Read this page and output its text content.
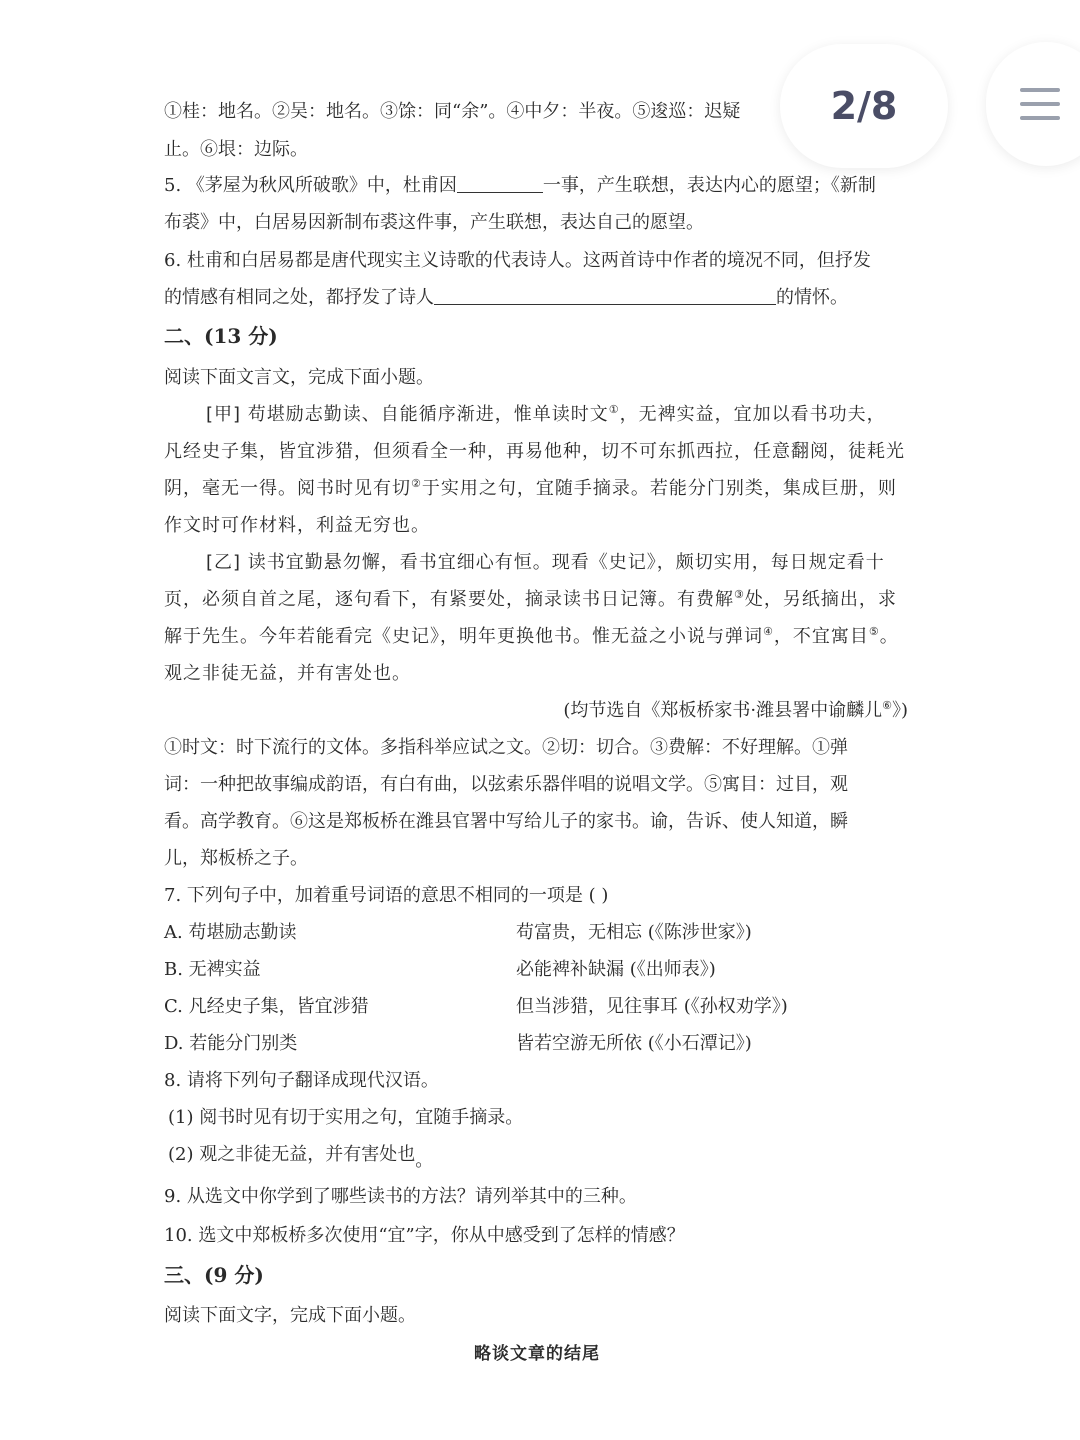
2/8
①桂：地名。②吴：地名。③馀：同“余”。④中夕：半夜。⑤逡巡：迟疑
止。⑥垠：边际。
5. 《茅屋为秋风所破歌》中，杜甫因	一事，产生联想，表达内心的愿望；《新制
布裘》中，白居易因新制布裘这件事，产生联想，表达自己的愿望。
6. 杜甫和白居易都是唐代现实主义诗歌的代表诗人。这两首诗中作者的境况不同，但抒发
的情感有相同之处，都抒发了诗人	的情怀。
二、(13 分)
阅读下面文言文，完成下面小题。
[甲] 苟堪励志勤读、自能循序渐进，惟单读时文①，无裨实益，宜加以看书功夫，
凡经史子集，皆宜涉猎，但须看全一种，再易他种，切不可东抓西拉，任意翻阅，徒耗光
阴，毫无一得。阅书时见有切②于实用之句，宜随手摘录。若能分门别类，集成巨册，则
作文时可作材料，利益无穷也。
[乙] 读书宜勤悬勿懈，看书宜细心有恒。现看《史记》，颇切实用，每日规定看十
页，必须自首之尾，逐句看下，有紧要处，摘录读书日记簿。有费解③处，另纸摘出，求
解于先生。今年若能看完《史记》，明年更换他书。惟无益之小说与弹词④，不宜寓目⑤。
观之非徒无益，并有害处也。
(均节选自《郑板桥家书·潍县署中谕麟儿⑥》)
①时文：时下流行的文体。多指科举应试之文。②切：切合。③费解：不好理解。①弹
词：一种把故事编成韵语，有白有曲，以弦索乐器伴唱的说唱文学。⑤寓目：过目，观
看。高学教育。⑥这是郑板桥在潍县官署中写给儿子的家书。谕，告诉、使人知道，瞬
儿，郑板桥之子。
7. 下列句子中，加着重号词语的意思不相同的一项是 ( )
A. 苟堪励志勤读	苟富贵，无相忘 (《陈涉世家》)
B. 无裨实益	必能裨补缺漏 (《出师表》)
C. 凡经史子集，皆宜涉猎	但当涉猎，见往事耳 (《孙权劝学》)
D. 若能分门别类	皆若空游无所依 (《小石潭记》)
8. 请将下列句子翻译成现代汉语。
(1) 阅书时见有切于实用之句，宜随手摘录。
(2) 观之非徒无益，并有害处也。
9. 从选文中你学到了哪些读书的方法？请列举其中的三种。
10. 选文中郑板桥多次使用“宜”字，你从中感受到了怎样的情感？
三、(9 分)
阅读下面文字，完成下面小题。
略谈文章的结尾
